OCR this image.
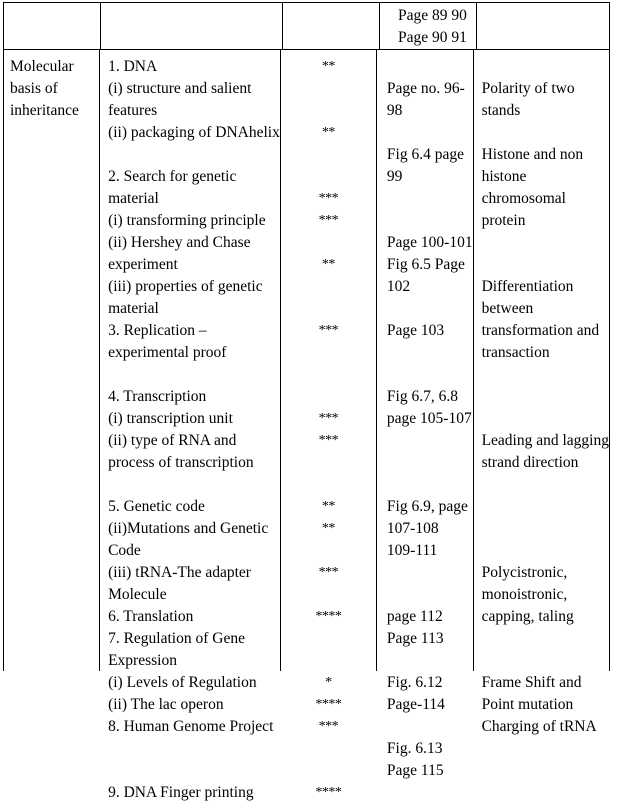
Page 89 90
Page 90 91

Molecular
basis of
inheritance
1. DNA
(i) structure and salient
features
(ii) packaging of DNAhelix
2. Search for genetic
material
(i) transforming principle
(ii) Hershey and Chase
experiment
(iii) properties of genetic
material
3. Replication –
experimental proof
4. Transcription
(i) transcription unit
(ii) type of RNA and
process of transcription
5. Genetic code
(ii)Mutations and Genetic
Code
(iii) tRNA-The adapter
Molecule
6. Translation
7. Regulation of Gene
Expression
(i) Levels of Regulation
(ii) The lac operon
8. Human Genome Project
9. DNA Finger printing
**
**
***
***
**
***
***
***
**
**
***
****
*
****
***
****
Page no. 96-
98
Fig 6.4 page
99
Page 100-101
Fig 6.5 Page
102
Page 103
Fig 6.7, 6.8
page 105-107
Fig 6.9, page
107-108
109-111
page 112
Page 113
Fig. 6.12
Page-114
Fig. 6.13
Page 115
Polarity of two
stands
Histone and non
histone
chromosomal
protein
Differentiation
between
transformation and
transaction
Leading and lagging
strand direction
Polycistronic,
monoistronic,
capping, taling
Frame Shift and
Point mutation
Charging of tRNA
